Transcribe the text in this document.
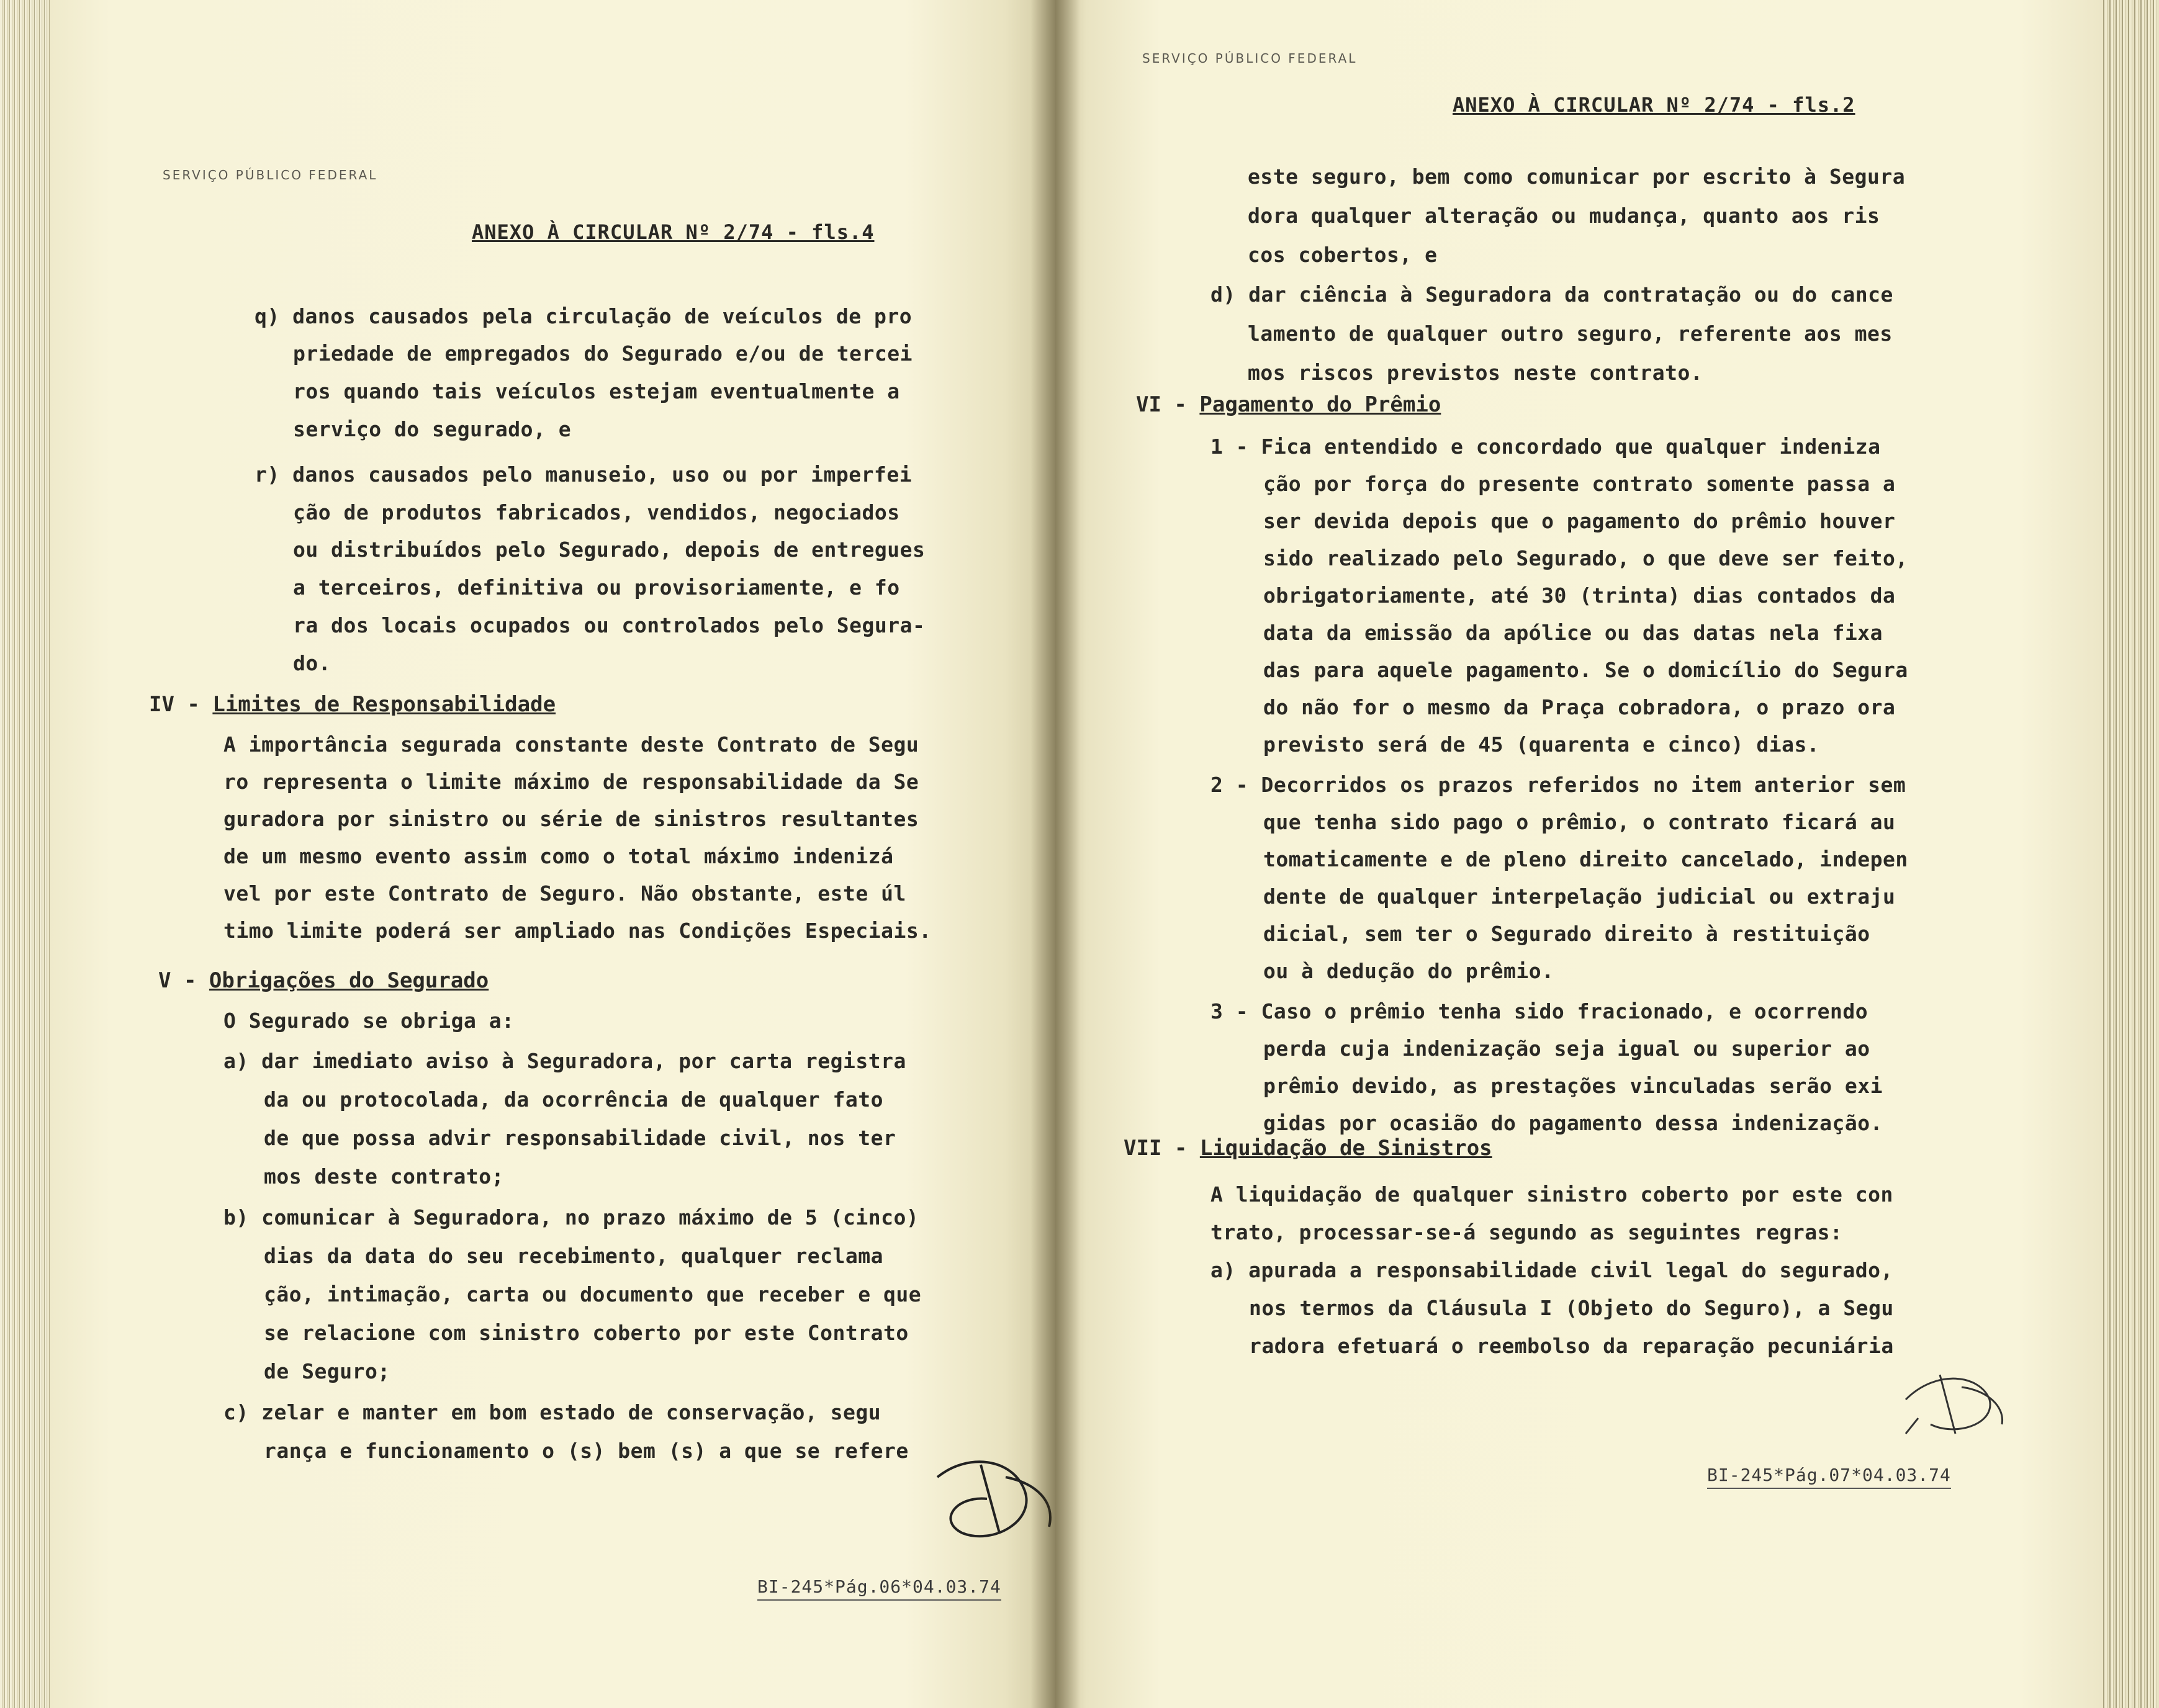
SERVIÇO PÚBLICO FEDERAL
ANEXO À CIRCULAR Nº 2/74 - fls.4
q) danos causados pela circulação de veículos de pro
priedade de empregados do Segurado e/ou de tercei
ros quando tais veículos estejam eventualmente a
serviço do segurado, e
r) danos causados pelo manuseio, uso ou por imperfei
ção de produtos fabricados, vendidos, negociados
ou distribuídos pelo Segurado, depois de entregues
a terceiros, definitiva ou provisoriamente, e fo
ra dos locais ocupados ou controlados pelo Segura-
do.
IV - Limites de Responsabilidade
A importância segurada constante deste Contrato de Segu
ro representa o limite máximo de responsabilidade da Se
guradora por sinistro ou série de sinistros resultantes
de um mesmo evento assim como o total máximo indenizá
vel por este Contrato de Seguro. Não obstante, este úl
timo limite poderá ser ampliado nas Condições Especiais.
V - Obrigações do Segurado
O Segurado se obriga a:
a) dar imediato aviso à Seguradora, por carta registra
da ou protocolada, da ocorrência de qualquer fato
de que possa advir responsabilidade civil, nos ter
mos deste contrato;
b) comunicar à Seguradora, no prazo máximo de 5 (cinco)
dias da data do seu recebimento, qualquer reclama
ção, intimação, carta ou documento que receber e que
se relacione com sinistro coberto por este Contrato
de Seguro;
c) zelar e manter em bom estado de conservação, segu
rança e funcionamento o (s) bem (s) a que se refere
BI-245*Pág.06*04.03.74
SERVIÇO PÚBLICO FEDERAL
ANEXO À CIRCULAR Nº 2/74 - fls.2
este seguro, bem como comunicar por escrito à Segura
dora qualquer alteração ou mudança, quanto aos ris
cos cobertos, e
d) dar ciência à Seguradora da contratação ou do cance
lamento de qualquer outro seguro, referente aos mes
mos riscos previstos neste contrato.
VI - Pagamento do Prêmio
1 - Fica entendido e concordado que qualquer indeniza
ção por força do presente contrato somente passa a
ser devida depois que o pagamento do prêmio houver
sido realizado pelo Segurado, o que deve ser feito,
obrigatoriamente, até 30 (trinta) dias contados da
data da emissão da apólice ou das datas nela fixa
das para aquele pagamento. Se o domicílio do Segura
do não for o mesmo da Praça cobradora, o prazo ora
previsto será de 45 (quarenta e cinco) dias.
2 - Decorridos os prazos referidos no item anterior sem
que tenha sido pago o prêmio, o contrato ficará au
tomaticamente e de pleno direito cancelado, indepen
dente de qualquer interpelação judicial ou extraju
dicial, sem ter o Segurado direito à restituição
ou à dedução do prêmio.
3 - Caso o prêmio tenha sido fracionado, e ocorrendo
perda cuja indenização seja igual ou superior ao
prêmio devido, as prestações vinculadas serão exi
gidas por ocasião do pagamento dessa indenização.
VII - Liquidação de Sinistros
A liquidação de qualquer sinistro coberto por este con
trato, processar-se-á segundo as seguintes regras:
a) apurada a responsabilidade civil legal do segurado,
nos termos da Cláusula I (Objeto do Seguro), a Segu
radora efetuará o reembolso da reparação pecuniária
BI-245*Pág.07*04.03.74
